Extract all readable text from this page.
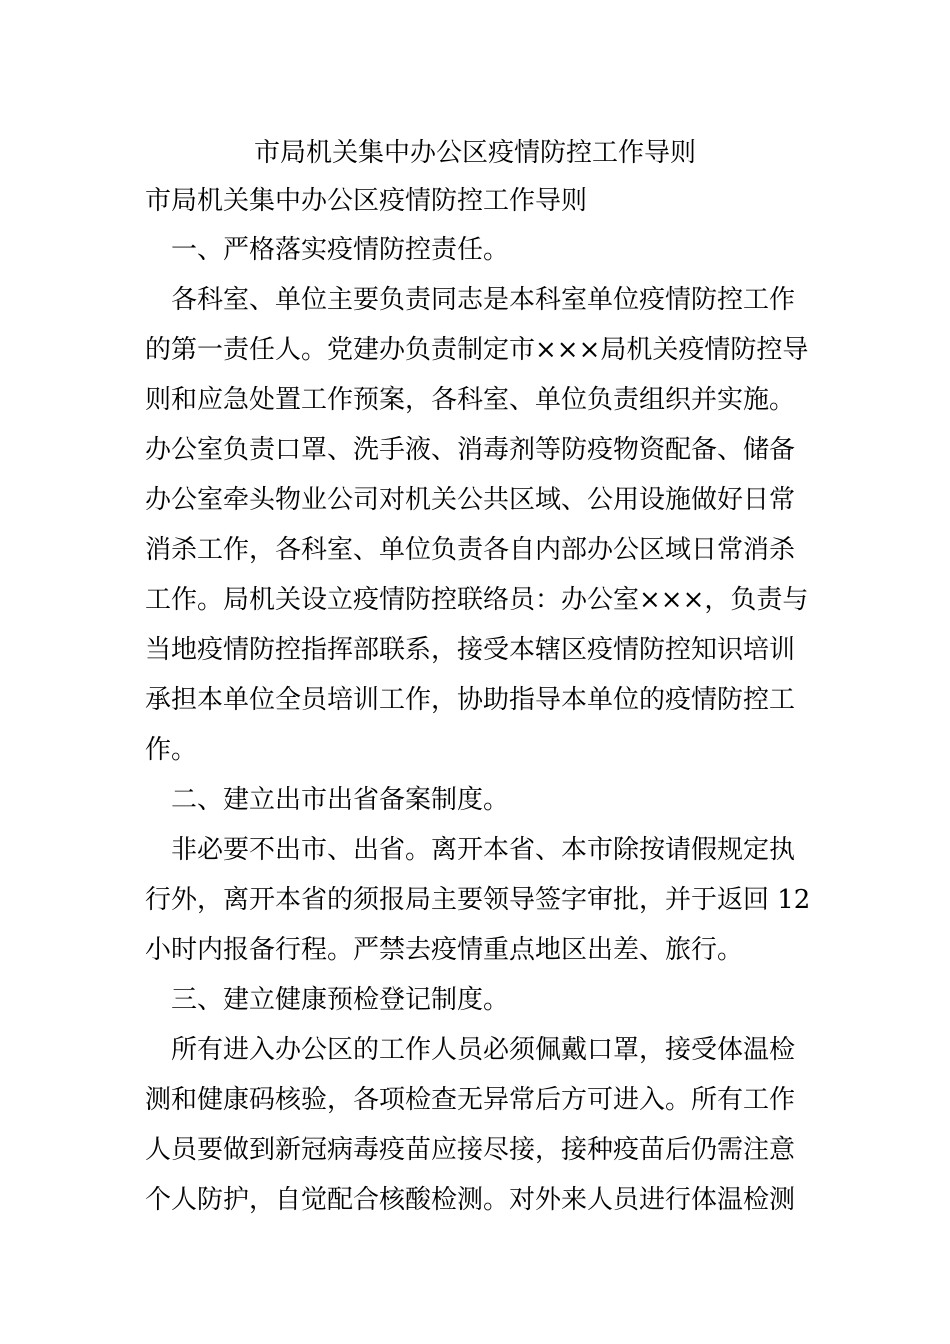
市局机关集中办公区疫情防控工作导则
市局机关集中办公区疫情防控工作导则
　一、严格落实疫情防控责任。
　各科室、单位主要负责同志是本科室单位疫情防控工作
的第一责任人。党建办负责制定市×××局机关疫情防控导
则和应急处置工作预案，各科室、单位负责组织并实施。
办公室负责口罩、洗手液、消毒剂等防疫物资配备、储备
办公室牵头物业公司对机关公共区域、公用设施做好日常
消杀工作，各科室、单位负责各自内部办公区域日常消杀
工作。局机关设立疫情防控联络员：办公室×××，负责与
当地疫情防控指挥部联系，接受本辖区疫情防控知识培训
承担本单位全员培训工作，协助指导本单位的疫情防控工
作。
　二、建立出市出省备案制度。
　非必要不出市、出省。离开本省、本市除按请假规定执
行外，离开本省的须报局主要领导签字审批，并于返回 12
小时内报备行程。严禁去疫情重点地区出差、旅行。
　三、建立健康预检登记制度。
　所有进入办公区的工作人员必须佩戴口罩，接受体温检
测和健康码核验，各项检查无异常后方可进入。所有工作
人员要做到新冠病毒疫苗应接尽接，接种疫苗后仍需注意
个人防护，自觉配合核酸检测。对外来人员进行体温检测
